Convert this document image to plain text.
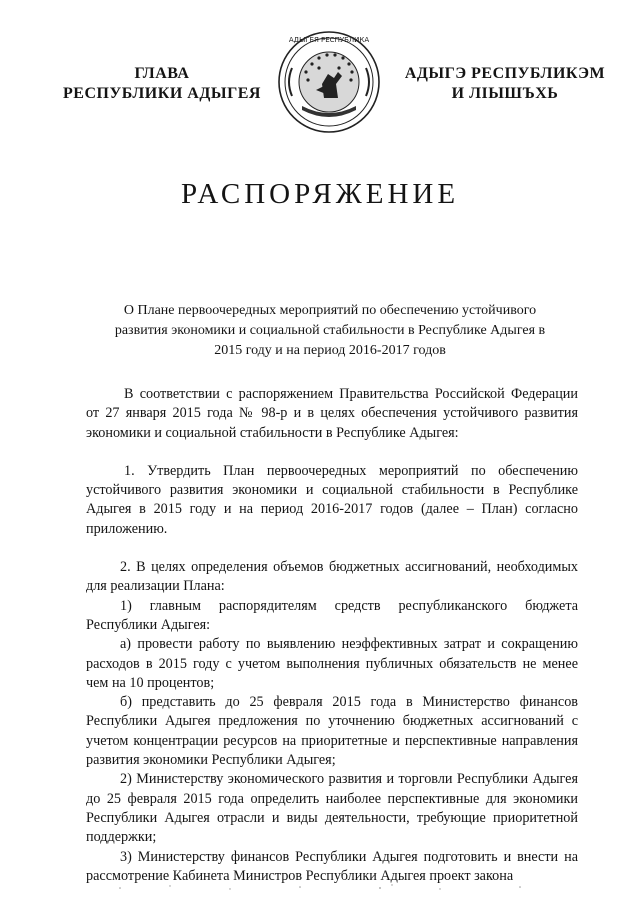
ГЛАВА
РЕСПУБЛИКИ АДЫГЕЯ
АДЫГЕЯ РЕСПУБЛИКА
АДЫГЭ РЕСПУБЛИКЭМ
И ЛІЫШЪХЬ
РАСПОРЯЖЕНИЕ
О Плане первоочередных мероприятий по обеспечению устойчивого
развития экономики и социальной стабильности в Республике Адыгея в
2015 году и на период 2016-2017 годов

В соответствии с распоряжением Правительства Российской Федерации от 27 января 2015 года № 98-р и в целях обеспечения устойчивого развития экономики и социальной стабильности в Республике Адыгея:

1. Утвердить План первоочередных мероприятий по обеспечению устойчивого развития экономики и социальной стабильности в Республике Адыгея в 2015 году и на период 2016-2017 годов (далее – План) согласно приложению.

2. В целях определения объемов бюджетных ассигнований, необходимых для реализации Плана:

1) главным распорядителям средств республиканского бюджета Республики Адыгея:

а) провести работу по выявлению неэффективных затрат и сокращению расходов в 2015 году с учетом выполнения публичных обязательств не менее чем на 10 процентов;

б) представить до 25 февраля 2015 года в Министерство финансов Республики Адыгея предложения по уточнению бюджетных ассигнований с учетом концентрации ресурсов на приоритетные и перспективные направления развития экономики Республики Адыгея;

2) Министерству экономического развития и торговли Республики Адыгея до 25 февраля 2015 года определить наиболее перспективные для экономики Республики Адыгея отрасли и виды деятельности, требующие приоритетной поддержки;

3) Министерству финансов Республики Адыгея подготовить и внести на рассмотрение Кабинета Министров Республики Адыгея проект закона
